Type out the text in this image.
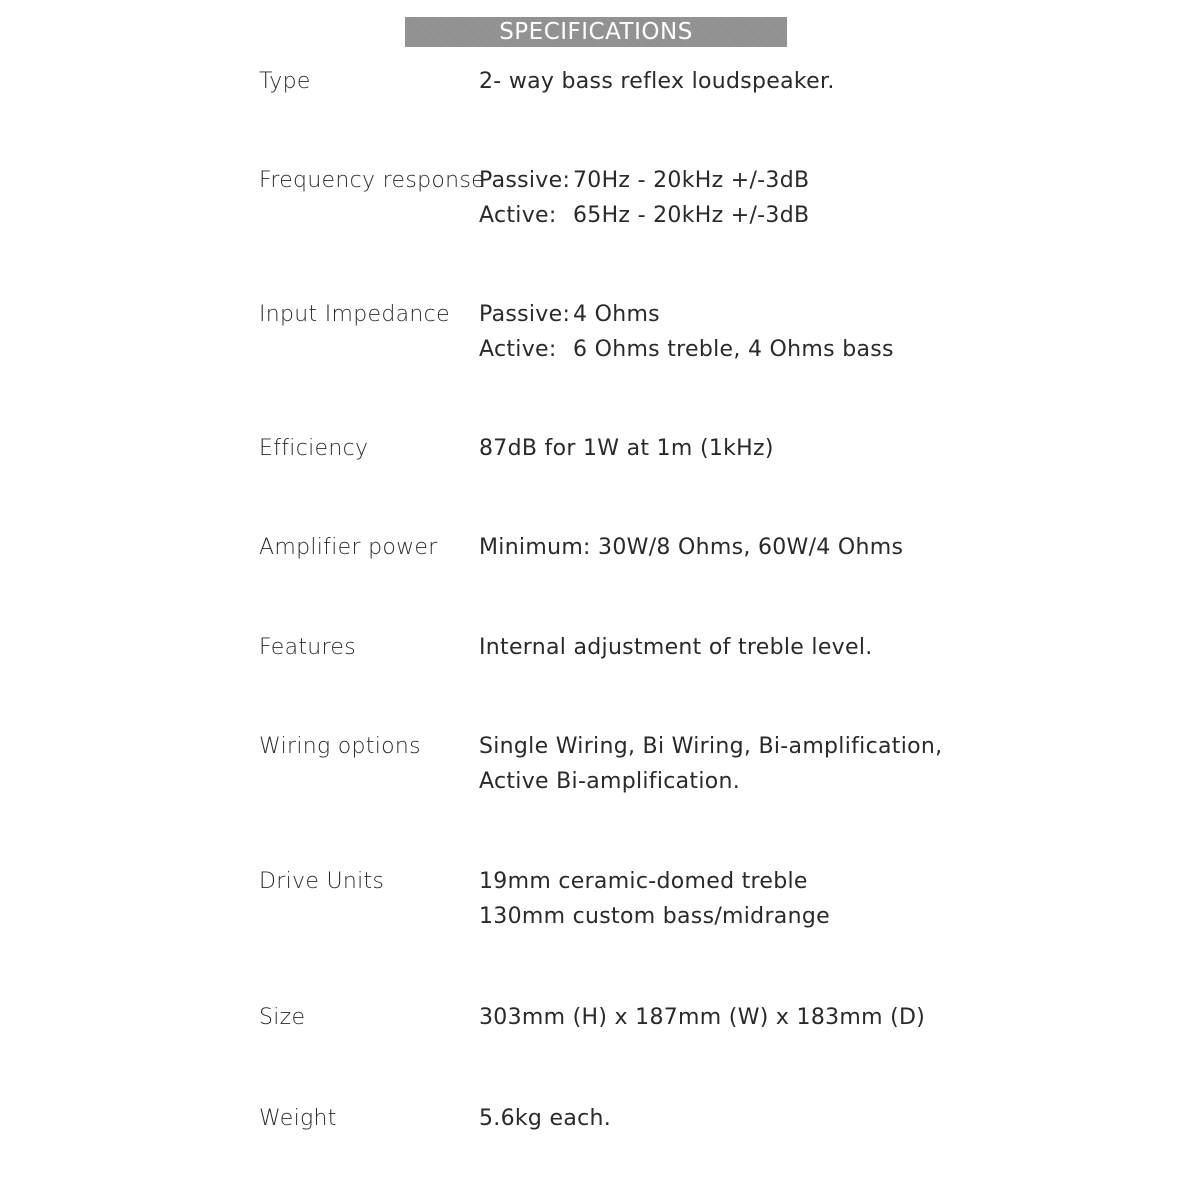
SPECIFICATIONS
Type	2- way bass reflex loudspeaker.
Frequency response
Passive: 70Hz - 20kHz +/-3dB
Active: 65Hz - 20kHz +/-3dB
Input Impedance Passive: 4 Ohms
Active: 6 Ohms treble, 4 Ohms bass
Efficiency	87dB for 1W at 1m (1kHz)
Amplifier power Minimum: 30W/8 Ohms, 60W/4 Ohms
Features	Internal adjustment of treble level.
Wiring options	Single Wiring, Bi Wiring, Bi-amplification,
Active Bi-amplification.
Drive Units	19mm ceramic-domed treble
130mm custom bass/midrange
Size	303mm (H) x 187mm (W) x 183mm (D)
Weight	5.6kg each.
